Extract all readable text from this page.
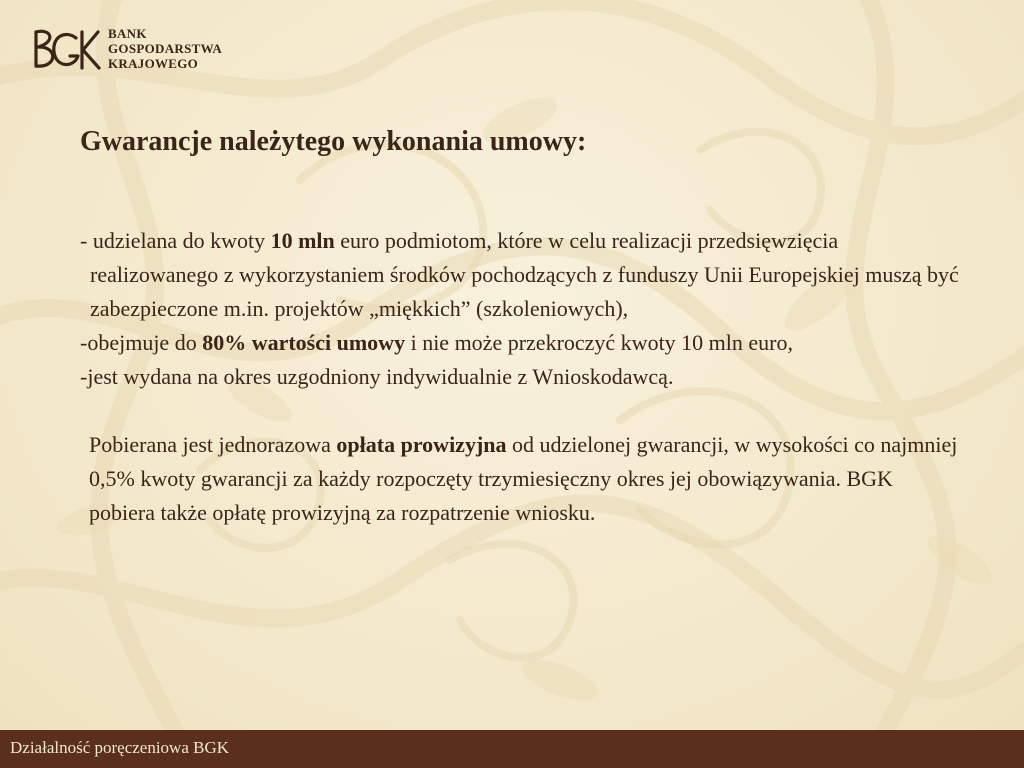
BANK
GOSPODARSTWA
KRAJOWEGO
Gwarancje należytego wykonania umowy:

- udzielana do kwoty 10 mln euro podmiotom, które w celu realizacji przedsięwzięcia realizowanego z wykorzystaniem środków pochodzących z funduszy Unii Europejskiej muszą być zabezpieczone m.in. projektów „miękkich” (szkoleniowych),

-obejmuje do 80% wartości umowy i nie może przekroczyć kwoty 10 mln euro,

-jest wydana na okres uzgodniony indywidualnie z Wnioskodawcą.

Pobierana jest jednorazowa opłata prowizyjna od udzielonej gwarancji, w wysokości co najmniej 0,5% kwoty gwarancji za każdy rozpoczęty trzymiesięczny okres jej obowiązywania. BGK pobiera także opłatę prowizyjną za rozpatrzenie wniosku.

Działalność poręczeniowa BGK
